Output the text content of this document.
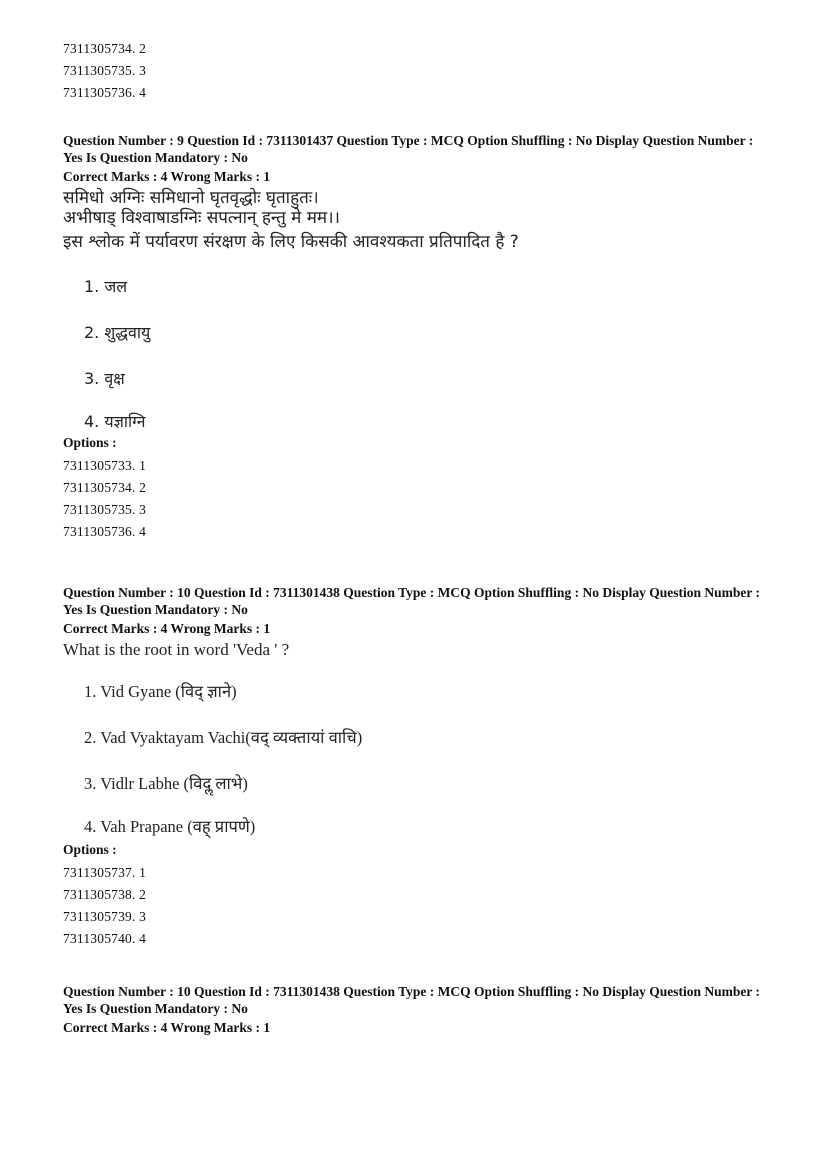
7311305734. 2
7311305735. 3
7311305736. 4
Question Number : 9 Question Id : 7311301437 Question Type : MCQ Option Shuffling : No Display Question Number : Yes Is Question Mandatory : No
Correct Marks : 4 Wrong Marks : 1
समिधो अग्निः समिधानो घृतवृद्धोः घृताहुतः।
अभीषाड् विश्वाषाडग्निः सपत्नान् हन्तु मे मम।।
इस श्लोक में पर्यावरण संरक्षण के लिए किसकी आवश्यकता प्रतिपादित है ?
1. जल
2. शुद्धवायु
3. वृक्ष
4. यज्ञाग्नि
Options :
7311305733. 1
7311305734. 2
7311305735. 3
7311305736. 4
Question Number : 10 Question Id : 7311301438 Question Type : MCQ Option Shuffling : No Display Question Number : Yes Is Question Mandatory : No
Correct Marks : 4 Wrong Marks : 1
What is the root in word 'Veda ' ?
1. Vid Gyane (विद् ज्ञाने)
2. Vad Vyaktayam Vachi(वद् व्यक्तायां वाचि)
3. Vidlr Labhe (विदॢ लाभे)
4. Vah Prapane (वह् प्रापणे)
Options :
7311305737. 1
7311305738. 2
7311305739. 3
7311305740. 4
Question Number : 10 Question Id : 7311301438 Question Type : MCQ Option Shuffling : No Display Question Number : Yes Is Question Mandatory : No
Correct Marks : 4 Wrong Marks : 1
